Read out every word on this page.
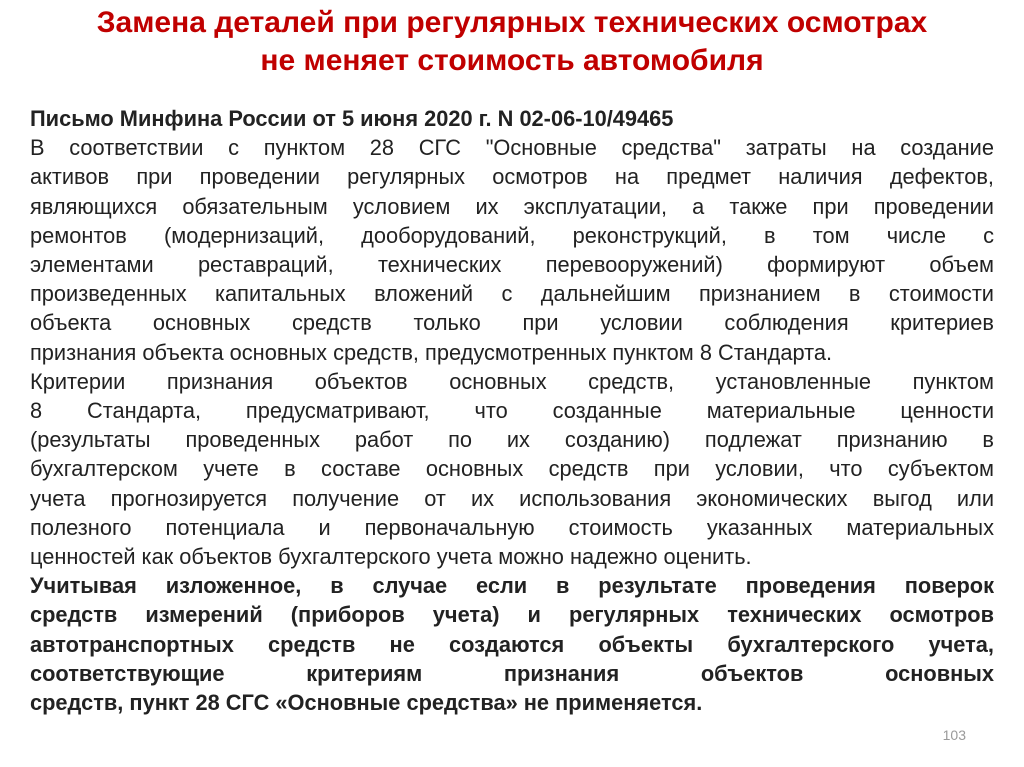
Замена деталей при регулярных технических осмотрах
не меняет стоимость автомобиля
Письмо Минфина России от 5 июня 2020 г. N 02-06-10/49465
В соответствии с пунктом 28 СГС "Основные средства" затраты на создание
активов при проведении регулярных осмотров на предмет наличия дефектов,
являющихся обязательным условием их эксплуатации, а также при проведении
ремонтов (модернизаций, дооборудований, реконструкций, в том числе с
элементами реставраций, технических перевооружений) формируют объем
произведенных капитальных вложений с дальнейшим признанием в стоимости
объекта основных средств только при условии соблюдения критериев
признания объекта основных средств, предусмотренных пунктом 8 Стандарта.
Критерии признания объектов основных средств, установленные пунктом
8 Стандарта, предусматривают, что созданные материальные ценности
(результаты проведенных работ по их созданию) подлежат признанию в
бухгалтерском учете в составе основных средств при условии, что субъектом
учета прогнозируется получение от их использования экономических выгод или
полезного потенциала и первоначальную стоимость указанных материальных
ценностей как объектов бухгалтерского учета можно надежно оценить.
Учитывая изложенное, в случае если в результате проведения поверок
средств измерений (приборов учета) и регулярных технических осмотров
автотранспортных средств не создаются объекты бухгалтерского учета,
соответствующие критериям признания объектов основных
средств, пункт 28 СГС «Основные средства» не применяется.
103
